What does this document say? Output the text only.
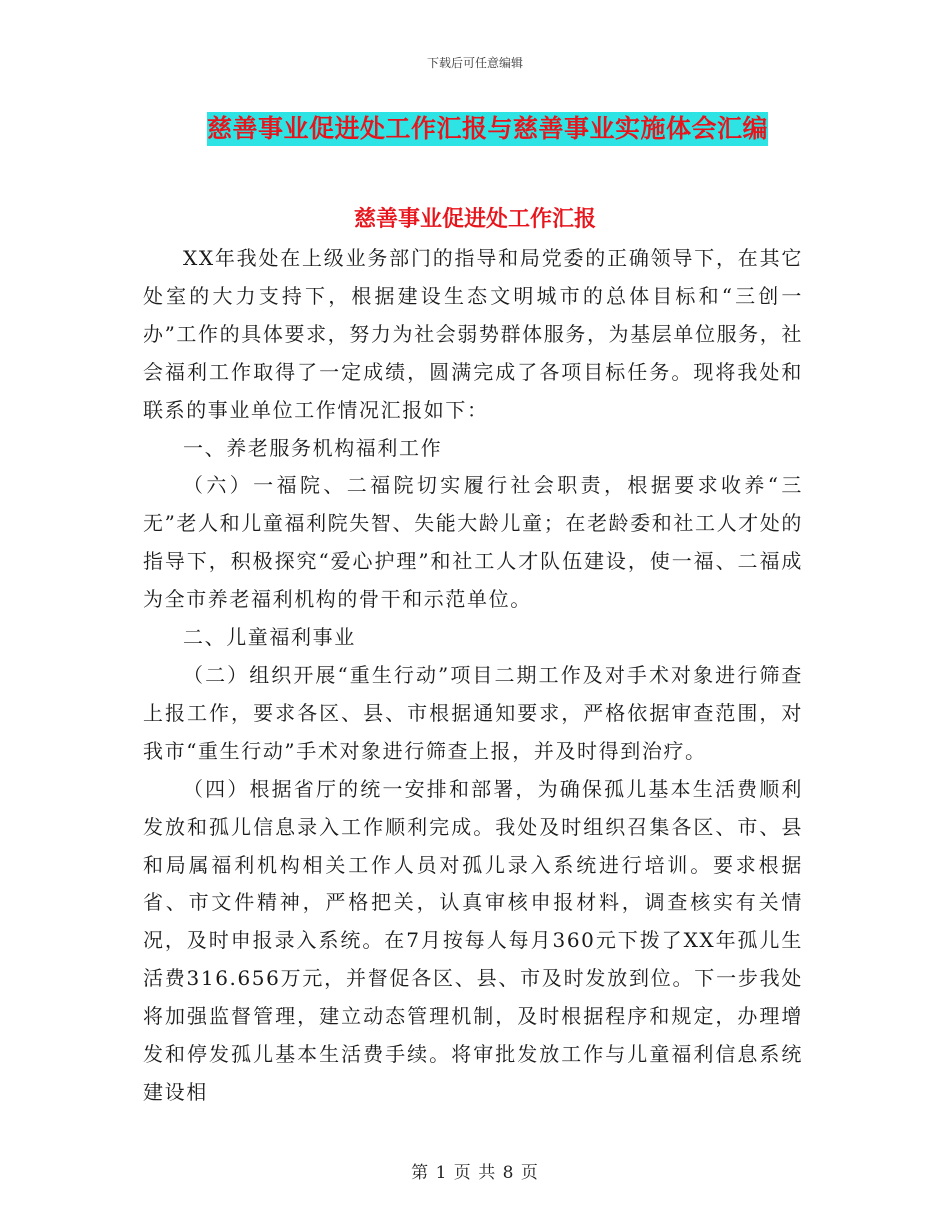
下载后可任意编辑
慈善事业促进处工作汇报与慈善事业实施体会汇编
慈善事业促进处工作汇报

XX年我处在上级业务部门的指导和局党委的正确领导下，在其它处室的大力支持下，根据建设生态文明城市的总体目标和“三创一办”工作的具体要求，努力为社会弱势群体服务，为基层单位服务，社会福利工作取得了一定成绩，圆满完成了各项目标任务。现将我处和联系的事业单位工作情况汇报如下：

一、养老服务机构福利工作

（六）一福院、二福院切实履行社会职责，根据要求收养“三无”老人和儿童福利院失智、失能大龄儿童；在老龄委和社工人才处的指导下，积极探究“爱心护理”和社工人才队伍建设，使一福、二福成为全市养老福利机构的骨干和示范单位。

二、儿童福利事业

（二）组织开展“重生行动”项目二期工作及对手术对象进行筛查上报工作，要求各区、县、市根据通知要求，严格依据审查范围，对我市“重生行动”手术对象进行筛查上报，并及时得到治疗。

（四）根据省厅的统一安排和部署，为确保孤儿基本生活费顺利发放和孤儿信息录入工作顺利完成。我处及时组织召集各区、市、县和局属福利机构相关工作人员对孤儿录入系统进行培训。要求根据省、市文件精神，严格把关，认真审核申报材料，调查核实有关情况，及时申报录入系统。在7月按每人每月360元下拨了XX年孤儿生活费316.656万元，并督促各区、县、市及时发放到位。下一步我处将加强监督管理，建立动态管理机制，及时根据程序和规定，办理增发和停发孤儿基本生活费手续。将审批发放工作与儿童福利信息系统建设相

第 1 页 共 8 页
